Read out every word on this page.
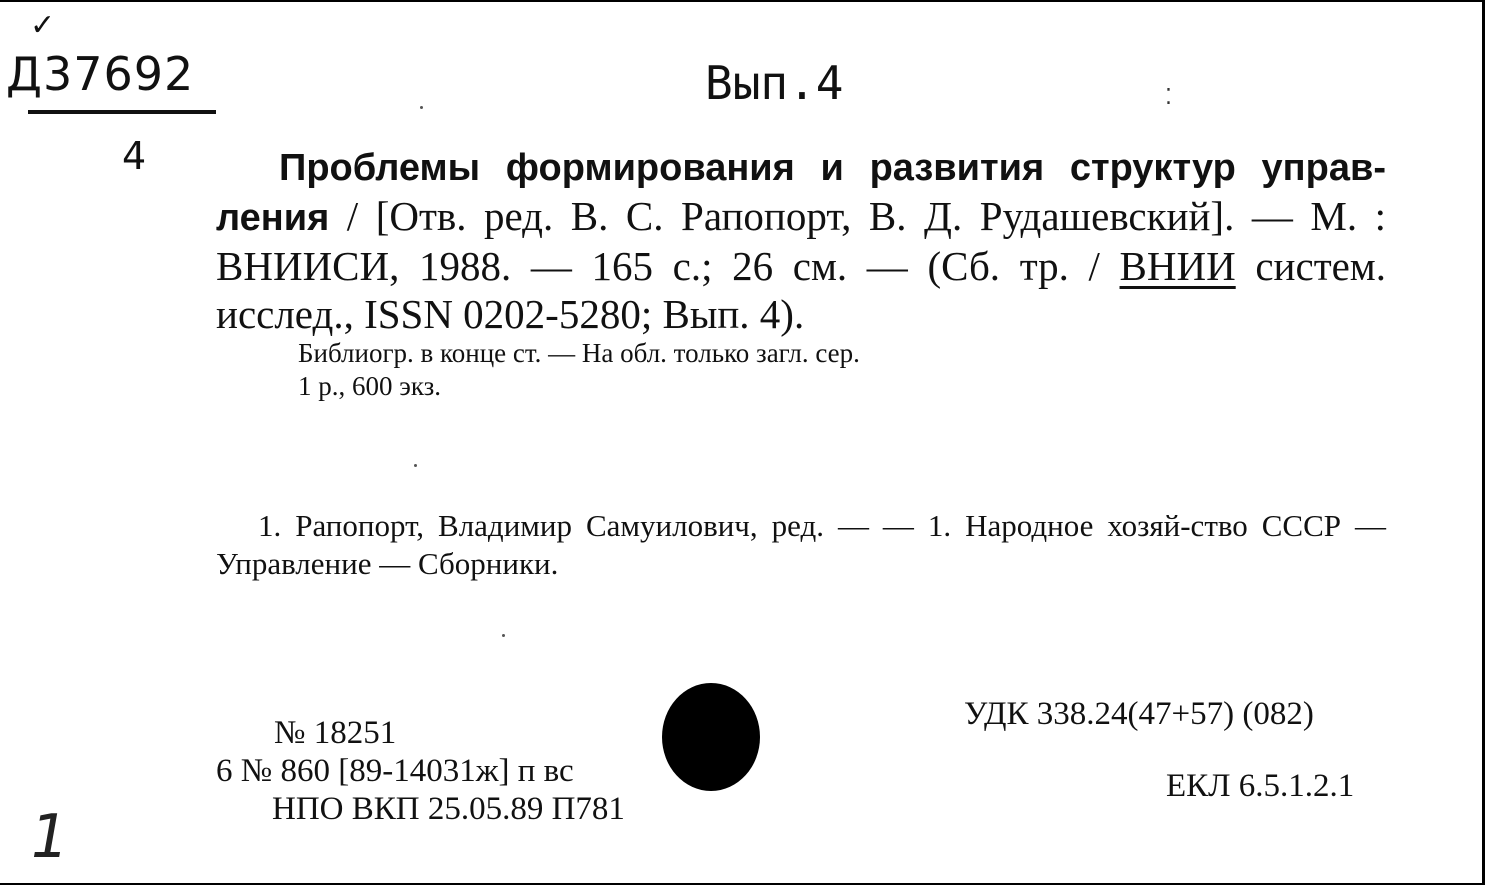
✓
Д37692
4
Вып.4	⁚
Проблемы формирования и развития структур управ-ления / [Отв. ред. В. С. Рапопорт, В. Д. Рудашевский]. — М. : ВНИИСИ, 1988. — 165 с.; 26 см. — (Сб. тр. / ВНИИ систем. исслед., ISSN 0202-5280; Вып. 4).
Библиогр. в конце ст. — На обл. только загл. сер.
1 р., 600 экз.
1. Рапопорт, Владимир Самуилович, ред. — — 1. Народное хозяй-ство СССР — Управление — Сборники.
№ 18251
6 № 860 [89-14031ж] п вс
НПО ВКП 25.05.89 П781
УДК 338.24(47+57) (082)
ЕКЛ 6.5.1.2.1
1
